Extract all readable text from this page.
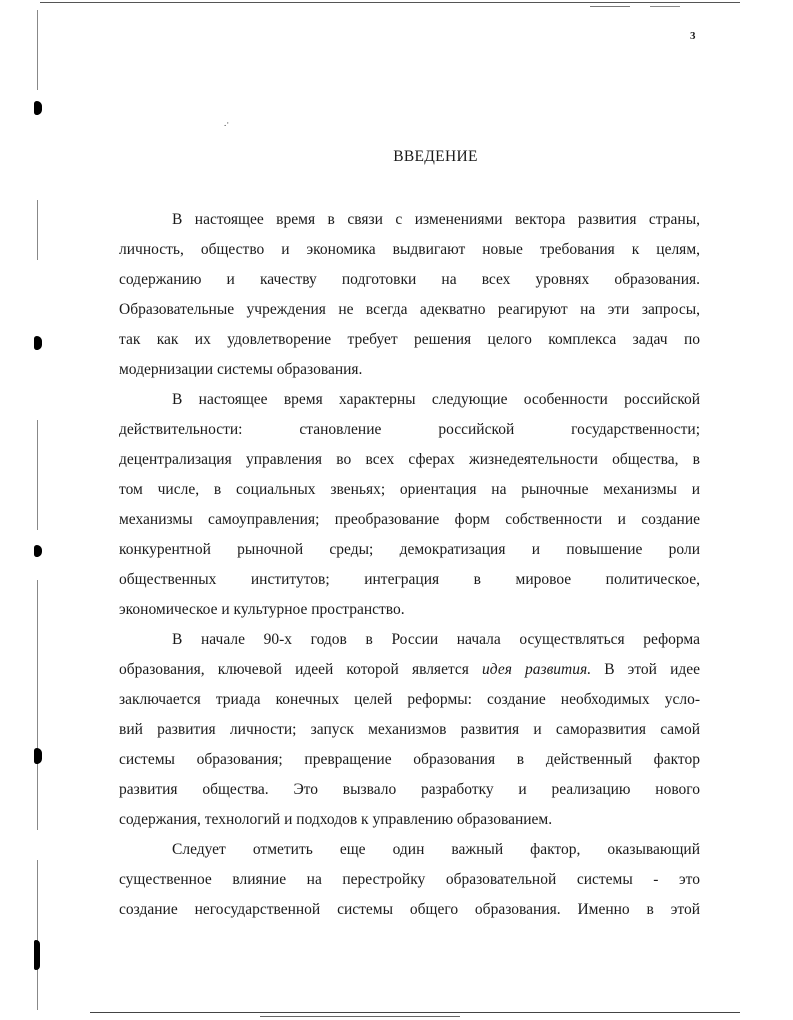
.·
3
ВВЕДЕНИЕ

В настоящее время в связи с изменениями вектора развития страны,

личность, общество и экономика выдвигают новые требования к целям,

содержанию и качеству подготовки на всех уровнях образования.

Образовательные учреждения не всегда адекватно реагируют на эти запросы,

так как их удовлетворение требует решения целого комплекса задач по

модернизации системы образования.

В настоящее время характерны следующие особенности российской

действительности: становление российской государственности;

децентрализация управления во всех сферах жизнедеятельности общества, в

том числе, в социальных звеньях; ориентация на рыночные механизмы и

механизмы самоуправления; преобразование форм собственности и создание

конкурентной рыночной среды; демократизация и повышение роли

общественных институтов; интеграция в мировое политическое,

экономическое и культурное пространство.

В начале 90-х годов в России начала осуществляться реформа

образования, ключевой идеей которой является идея развития. В этой идее

заключается триада конечных целей реформы: создание необходимых усло-

вий развития личности; запуск механизмов развития и саморазвития самой

системы образования; превращение образования в действенный фактор

развития общества. Это вызвало разработку и реализацию нового

содержания, технологий и подходов к управлению образованием.

Следует отметить еще один важный фактор, оказывающий

существенное влияние на перестройку образовательной системы - это

создание негосударственной системы общего образования. Именно в этой
